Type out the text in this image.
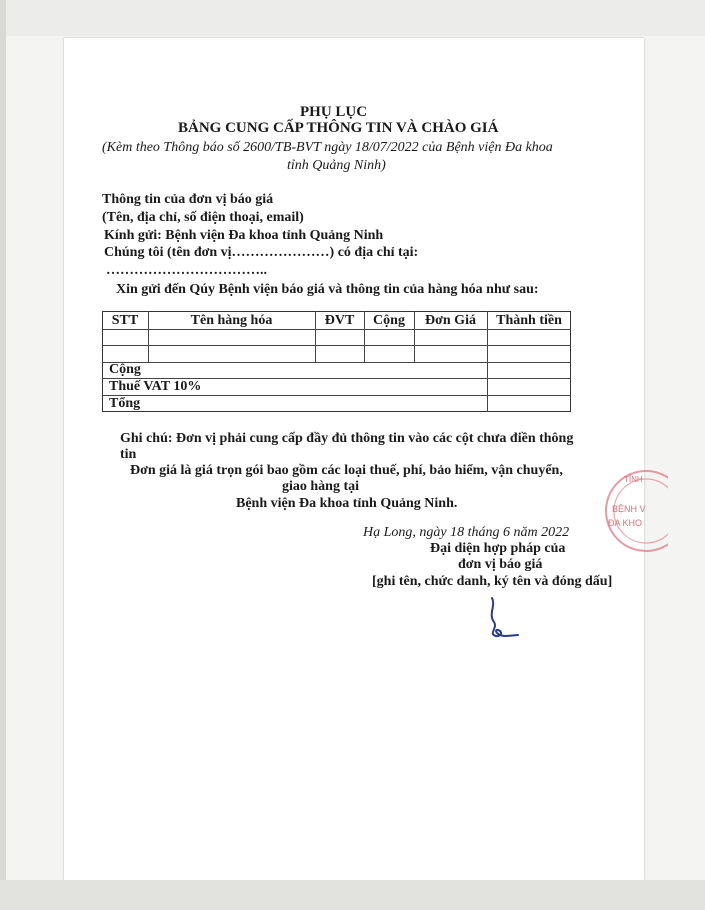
PHỤ LỤC
BẢNG CUNG CẤP THÔNG TIN VÀ CHÀO GIÁ
(Kèm theo Thông báo số 2600/TB-BVT ngày 18/07/2022 của Bệnh viện Đa khoa
tỉnh Quảng Ninh)
Thông tin của đơn vị báo giá
(Tên, địa chỉ, số điện thoại, email)
Kính gửi: Bệnh viện Đa khoa tỉnh Quảng Ninh
Chúng tôi (tên đơn vị…………………) có địa chỉ tại:
……………………………..
Xin gửi đến Qúy Bệnh viện báo giá và thông tin của hàng hóa như sau:
STT	Tên hàng hóa	ĐVT	Cộng	Đơn Giá	Thành tiền
Cộng
Thuế VAT 10%
Tổng
Ghi chú: Đơn vị phải cung cấp đầy đủ thông tin vào các cột chưa điền thông
tin
Đơn giá là giá trọn gói bao gồm các loại thuế, phí, bảo hiểm, vận chuyển,
giao hàng tại
Bệnh viện Đa khoa tỉnh Quảng Ninh.
Hạ Long, ngày 18 tháng 6 năm 2022
Đại diện hợp pháp của
đơn vị báo giá
[ghi tên, chức danh, ký tên và đóng dấu]
TỈNH
BỆNH V
ĐA KHO
